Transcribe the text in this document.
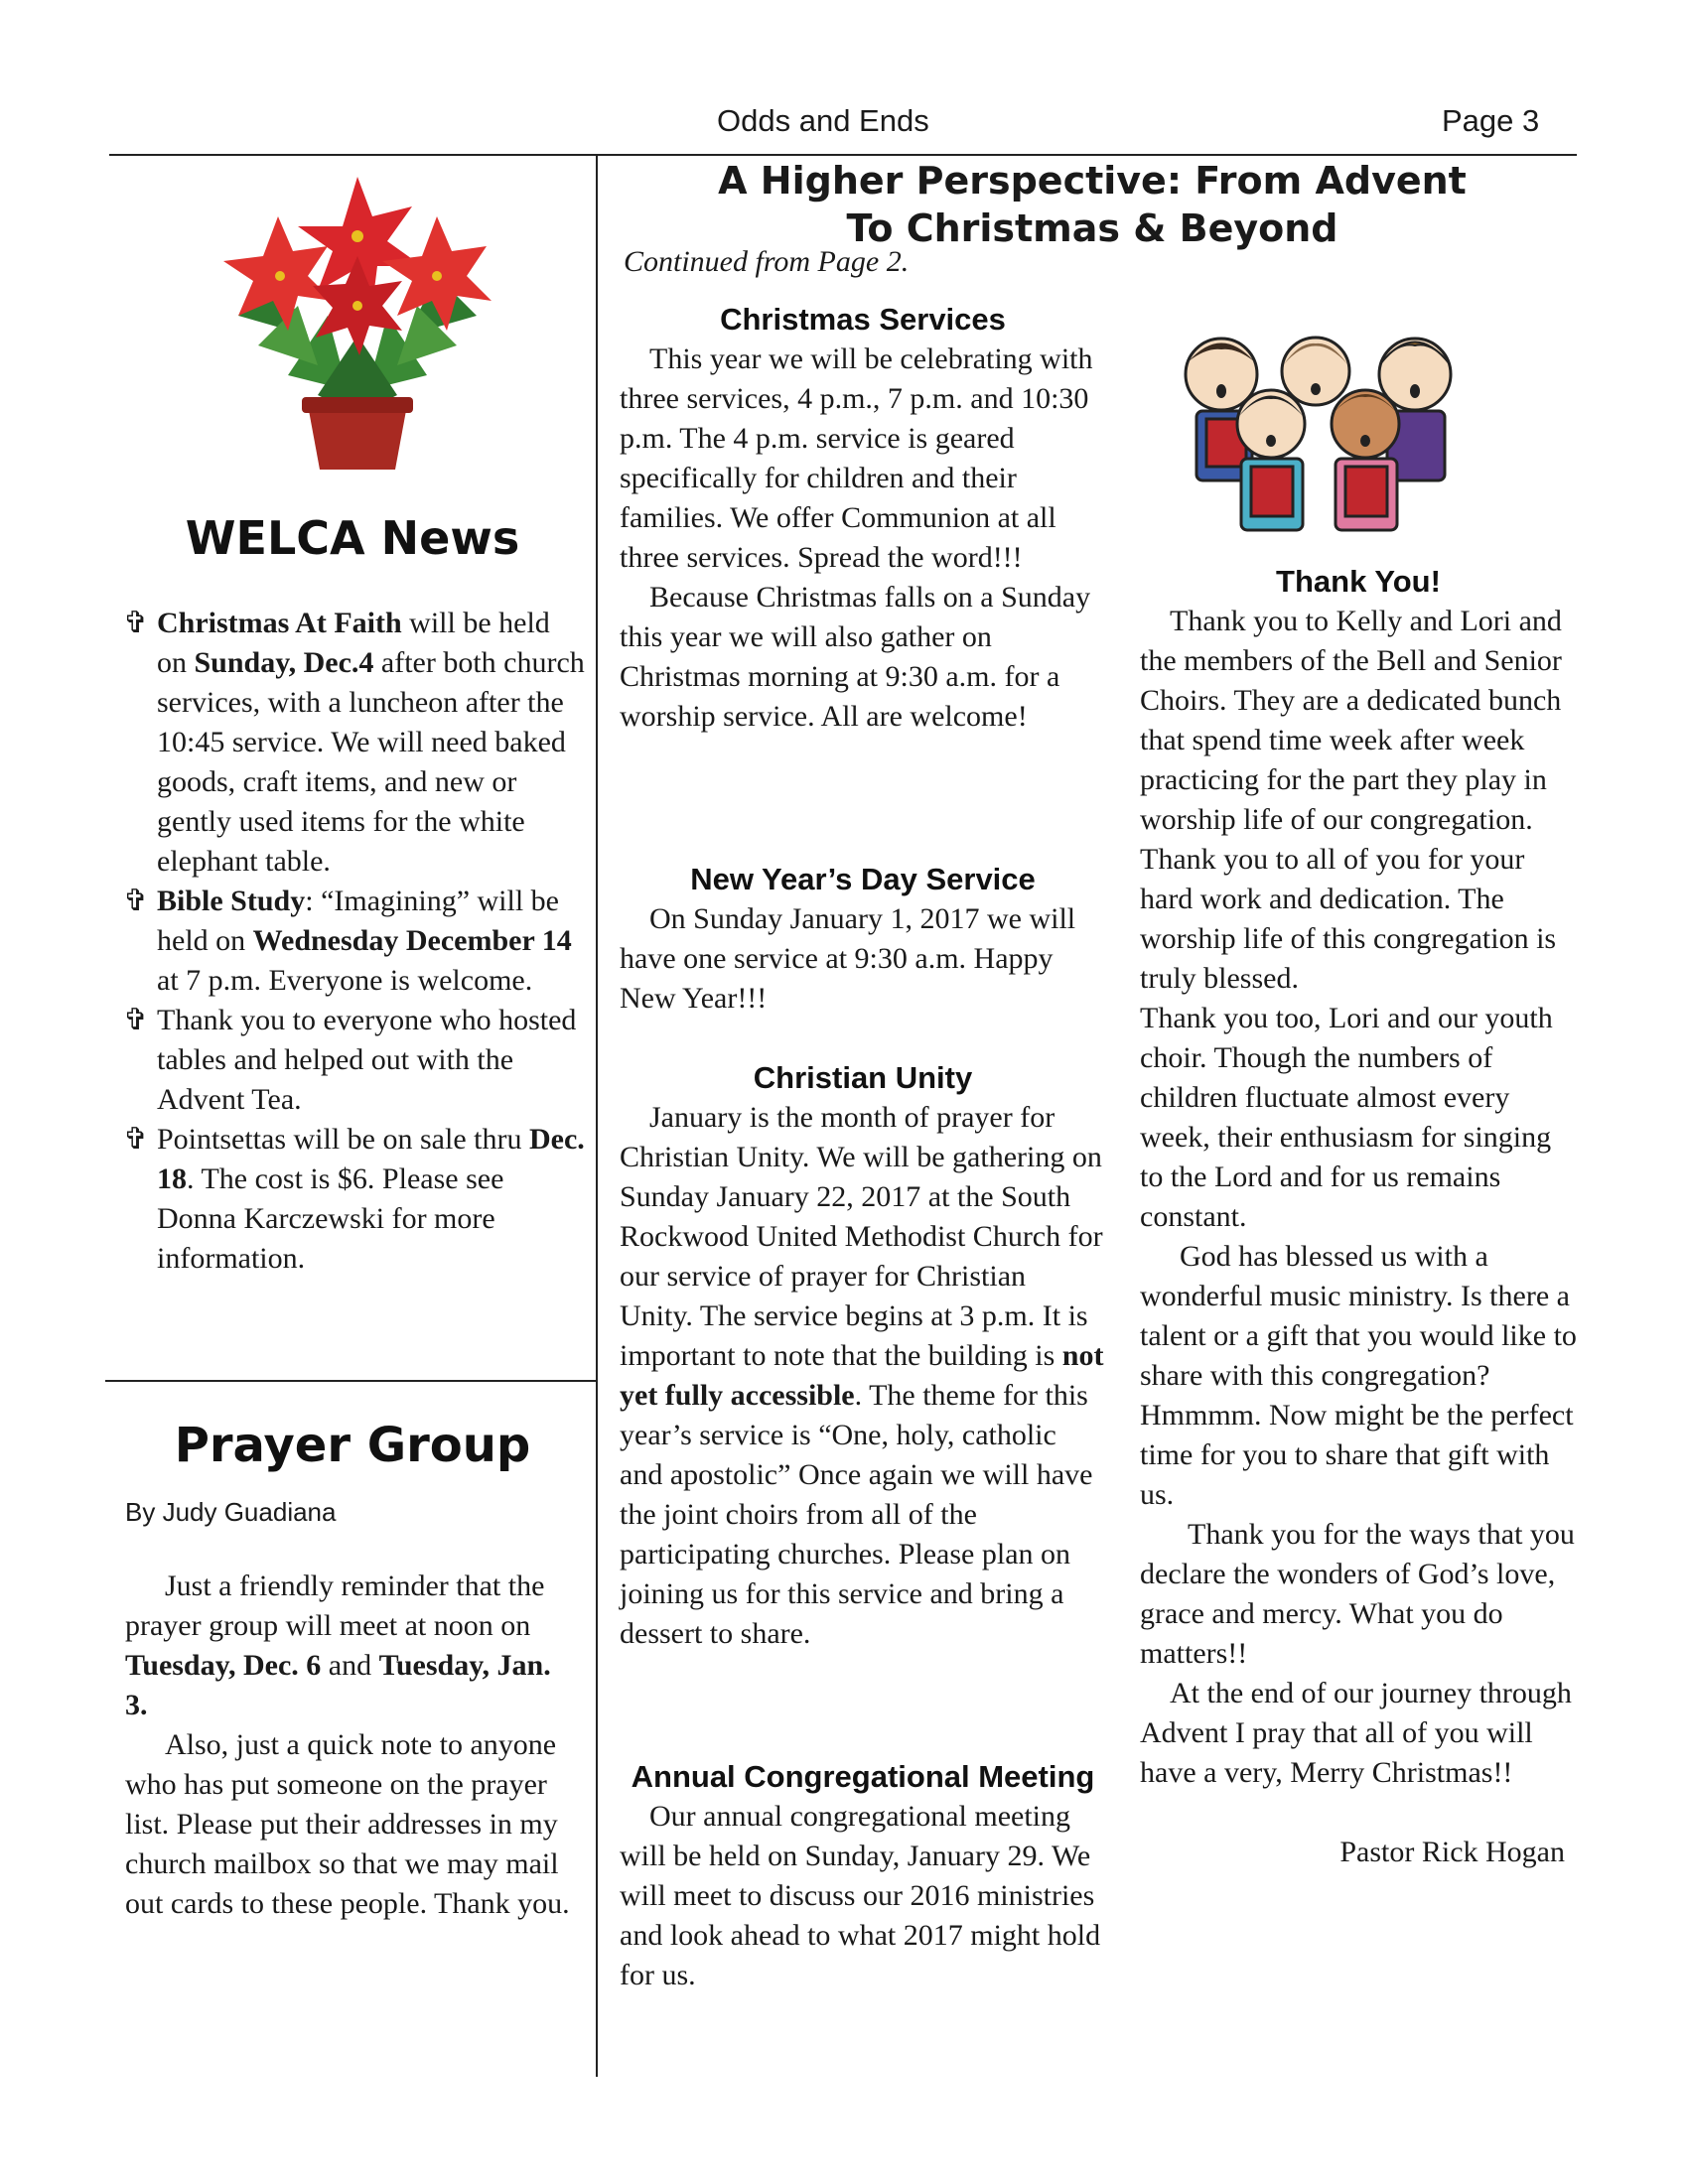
Odds and Ends	Page 3
WELCA News
✞ Christmas At Faith will be held on Sunday, Dec.4 after both church services, with a luncheon after the 10:45 service. We will need baked goods, craft items, and new or gently used items for the white elephant table.
✞ Bible Study: “Imagining” will be held on Wednesday December 14 at 7 p.m. Everyone is welcome.
✞ Thank you to everyone who hosted tables and helped out with the Advent Tea.
✞ Pointsettas will be on sale thru Dec. 18. The cost is $6. Please see Donna Karczewski for more information.
Prayer Group
By Judy Guadiana

Just a friendly reminder that the prayer group will meet at noon on Tuesday, Dec. 6 and Tuesday, Jan. 3.

Also, just a quick note to anyone who has put someone on the prayer list. Please put their addresses in my church mailbox so that we may mail out cards to these people. Thank you.

A Higher Perspective: From Advent
To Christmas & Beyond
Continued from Page 2.
Christmas Services

This year we will be celebrating with three services, 4 p.m., 7 p.m. and 10:30 p.m. The 4 p.m. service is geared specifically for children and their families. We offer Communion at all three services. Spread the word!!!

Because Christmas falls on a Sunday this year we will also gather on Christmas morning at 9:30 a.m. for a worship service. All are welcome!

New Year’s Day Service

On Sunday January 1, 2017 we will have one service at 9:30 a.m. Happy New Year!!!

Christian Unity

January is the month of prayer for Christian Unity. We will be gathering on Sunday January 22, 2017 at the South Rockwood United Methodist Church for our service of prayer for Christian Unity. The service begins at 3 p.m. It is important to note that the building is not yet fully accessible. The theme for this year’s service is “One, holy, catholic and apostolic” Once again we will have the joint choirs from all of the participating churches. Please plan on joining us for this service and bring a dessert to share.

Annual Congregational Meeting

Our annual congregational meeting will be held on Sunday, January 29. We will meet to discuss our 2016 ministries and look ahead to what 2017 might hold for us.

Thank You!

Thank you to Kelly and Lori and the members of the Bell and Senior Choirs. They are a dedicated bunch that spend time week after week practicing for the part they play in worship life of our congregation. Thank you to all of you for your hard work and dedication. The worship life of this congregation is truly blessed.

Thank you too, Lori and our youth choir. Though the numbers of children fluctuate almost every week, their enthusiasm for singing to the Lord and for us remains constant.

God has blessed us with a wonderful music ministry. Is there a talent or a gift that you would like to share with this congregation? Hmmmm. Now might be the perfect time for you to share that gift with us.

Thank you for the ways that you declare the wonders of God’s love, grace and mercy. What you do matters!!

At the end of our journey through Advent I pray that all of you will have a very, Merry Christmas!!

Pastor Rick Hogan
